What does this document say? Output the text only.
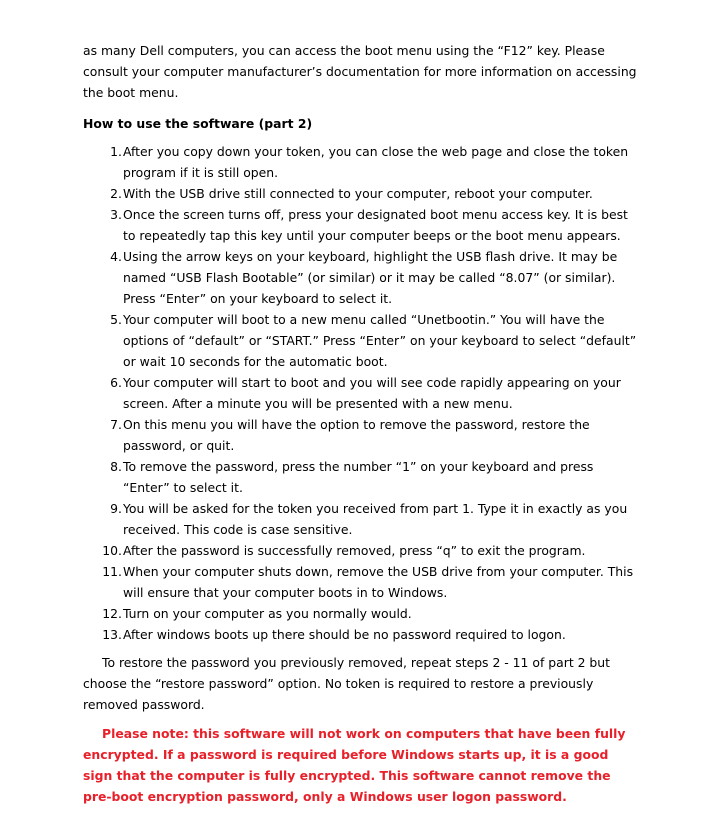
as many Dell computers, you can access the boot menu using the “F12” key. Please consult your computer manufacturer’s documentation for more information on accessing the boot menu.

How to use the software (part 2)

1. After you copy down your token, you can close the web page and close the token program if it is still open.
2. With the USB drive still connected to your computer, reboot your computer.
3. Once the screen turns off, press your designated boot menu access key. It is best to repeatedly tap this key until your computer beeps or the boot menu appears.
4. Using the arrow keys on your keyboard, highlight the USB flash drive. It may be named “USB Flash Bootable” (or similar) or it may be called “8.07” (or similar). Press “Enter” on your keyboard to select it.
5. Your computer will boot to a new menu called “Unetbootin.” You will have the options of “default” or “START.” Press “Enter” on your keyboard to select “default” or wait 10 seconds for the automatic boot.
6. Your computer will start to boot and you will see code rapidly appearing on your screen. After a minute you will be presented with a new menu.
7. On this menu you will have the option to remove the password, restore the password, or quit.
8. To remove the password, press the number “1” on your keyboard and press “Enter” to select it.
9. You will be asked for the token you received from part 1. Type it in exactly as you received. This code is case sensitive.
10. After the password is successfully removed, press “q” to exit the program.
11. When your computer shuts down, remove the USB drive from your computer. This will ensure that your computer boots in to Windows.
12. Turn on your computer as you normally would.
13. After windows boots up there should be no password required to logon.

To restore the password you previously removed, repeat steps 2 - 11 of part 2 but choose the “restore password” option. No token is required to restore a previously removed password.

Please note: this software will not work on computers that have been fully encrypted. If a password is required before Windows starts up, it is a good sign that the computer is fully encrypted. This software cannot remove the pre-boot encryption password, only a Windows user logon password.
